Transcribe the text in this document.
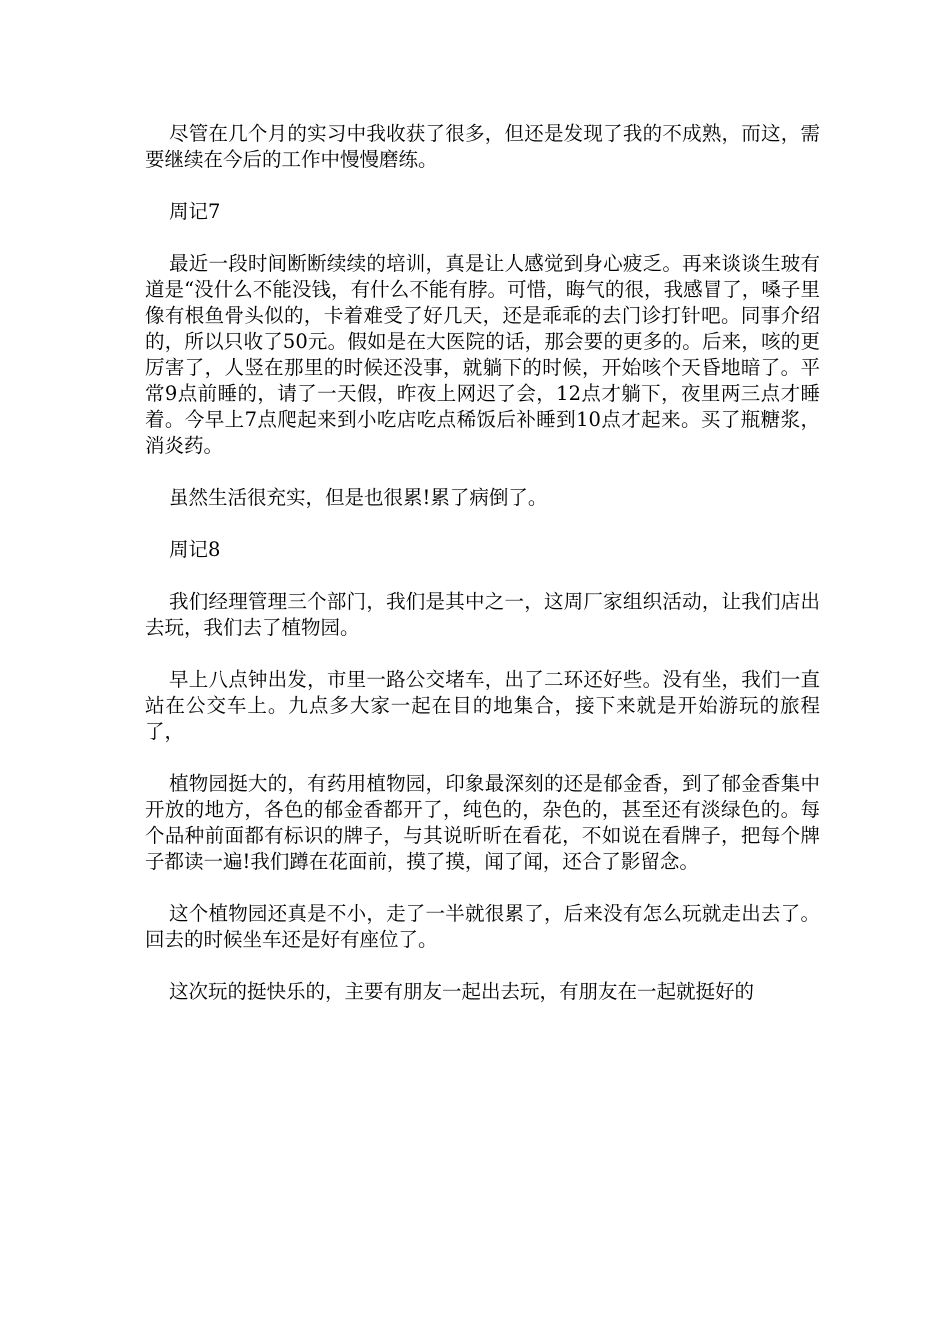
尽管在几个月的实习中我收获了很多，但还是发现了我的不成熟，而这，需要继续在今后的工作中慢慢磨练。

周记7

最近一段时间断断续续的培训，真是让人感觉到身心疲乏。再来谈谈生玻有道是“没什么不能没钱，有什么不能有脖。可惜，晦气的很，我感冒了，嗓子里像有根鱼骨头似的，卡着难受了好几天，还是乖乖的去门诊打针吧。同事介绍的，所以只收了50元。假如是在大医院的话，那会要的更多的。后来，咳的更厉害了，人竖在那里的时候还没事，就躺下的时候，开始咳个天昏地暗了。平常9点前睡的，请了一天假，昨夜上网迟了会，12点才躺下，夜里两三点才睡着。今早上7点爬起来到小吃店吃点稀饭后补睡到10点才起来。买了瓶糖浆，消炎药。

虽然生活很充实，但是也很累!累了病倒了。

周记8

我们经理管理三个部门，我们是其中之一，这周厂家组织活动，让我们店出去玩，我们去了植物园。

早上八点钟出发，市里一路公交堵车，出了二环还好些。没有坐，我们一直站在公交车上。九点多大家一起在目的地集合，接下来就是开始游玩的旅程了，

植物园挺大的，有药用植物园，印象最深刻的还是郁金香，到了郁金香集中开放的地方，各色的郁金香都开了，纯色的，杂色的，甚至还有淡绿色的。每个品种前面都有标识的牌子，与其说昕昕在看花，不如说在看牌子，把每个牌子都读一遍!我们蹲在花面前，摸了摸，闻了闻，还合了影留念。

这个植物园还真是不小，走了一半就很累了，后来没有怎么玩就走出去了。回去的时候坐车还是好有座位了。

这次玩的挺快乐的，主要有朋友一起出去玩，有朋友在一起就挺好的
